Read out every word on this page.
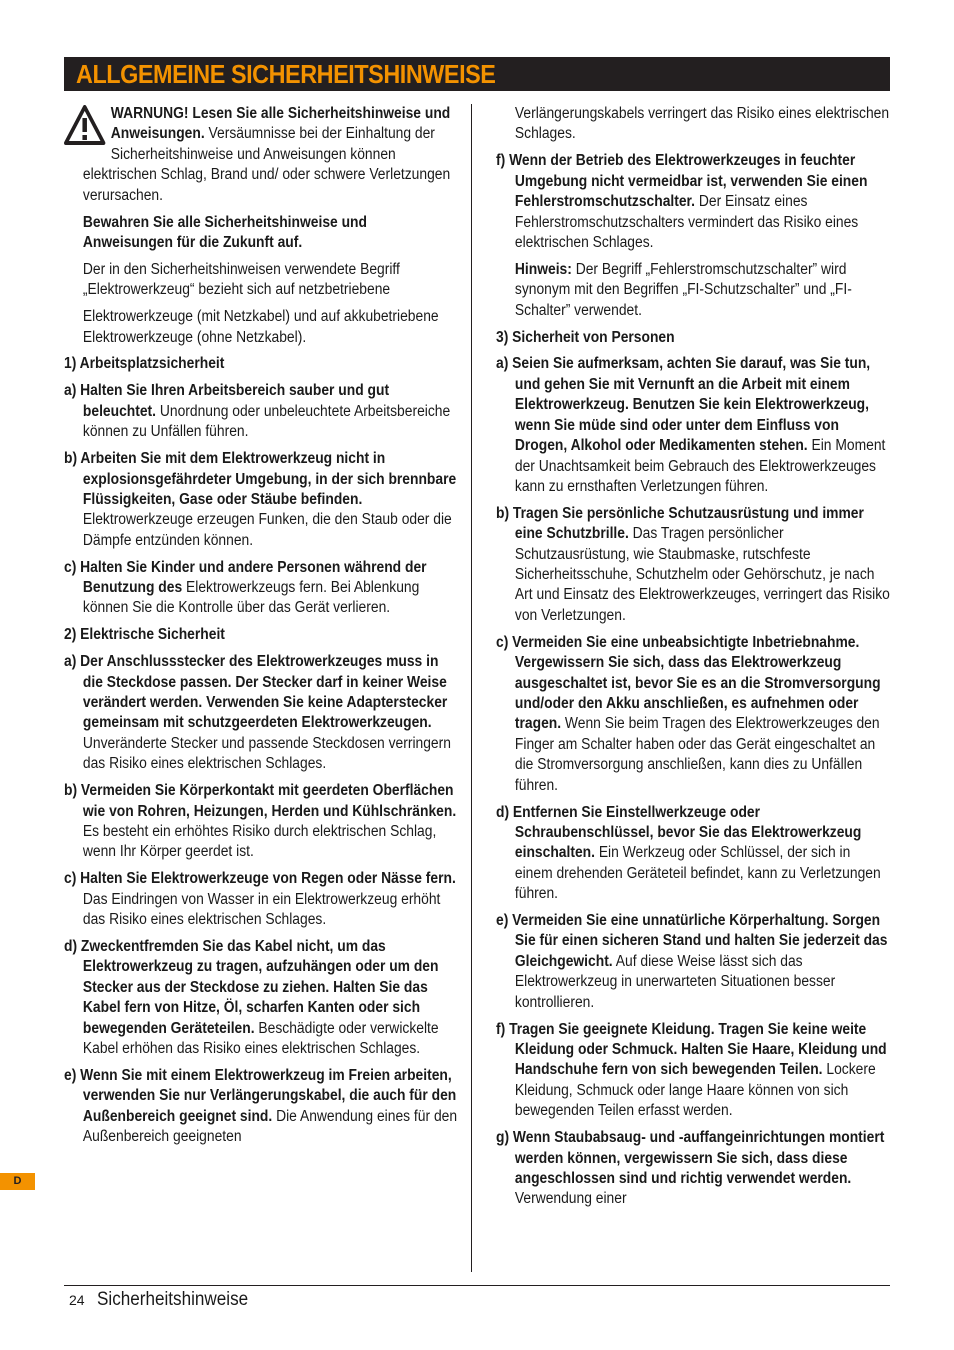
ALLGEMEINE SICHERHEITSHINWEISE

WARNUNG! Lesen Sie alle Sicherheitshinweise und Anweisungen. Versäumnisse bei der Einhaltung der Sicherheitshinweise und Anweisungen können elektrischen Schlag, Brand und/ oder schwere Verletzungen verursachen.

Bewahren Sie alle Sicherheitshinweise und Anweisungen für die Zukunft auf.

Der in den Sicherheitshinweisen verwendete Begriff „Elektrowerkzeug“ bezieht sich auf netzbetriebene

Elektrowerkzeuge (mit Netzkabel) und auf akkubetriebene Elektrowerkzeuge (ohne Netzkabel).

1) Arbeitsplatzsicherheit

a) Halten Sie Ihren Arbeitsbereich sauber und gut beleuchtet. Unordnung oder unbeleuchtete Arbeitsbereiche können zu Unfällen führen.

b) Arbeiten Sie mit dem Elektrowerkzeug nicht in explosionsgefährdeter Umgebung, in der sich brennbare Flüssigkeiten, Gase oder Stäube befinden. Elektrowerkzeuge erzeugen Funken, die den Staub oder die Dämpfe entzünden können.

c) Halten Sie Kinder und andere Personen während der Benutzung des Elektrowerkzeugs fern. Bei Ablenkung können Sie die Kontrolle über das Gerät verlieren.

2) Elektrische Sicherheit

a) Der Anschlussstecker des Elektrowerkzeuges muss in die Steckdose passen. Der Stecker darf in keiner Weise verändert werden. Verwenden Sie keine Adapterstecker gemeinsam mit schutzgeerdeten Elektrowerkzeugen. Unveränderte Stecker und passende Steckdosen verringern das Risiko eines elektrischen Schlages.

b) Vermeiden Sie Körperkontakt mit geerdeten Oberflächen wie von Rohren, Heizungen, Herden und Kühlschränken. Es besteht ein erhöhtes Risiko durch elektrischen Schlag, wenn Ihr Körper geerdet ist.

c) Halten Sie Elektrowerkzeuge von Regen oder Nässe fern. Das Eindringen von Wasser in ein Elektrowerkzeug erhöht das Risiko eines elektrischen Schlages.

d) Zweckentfremden Sie das Kabel nicht, um das Elektrowerkzeug zu tragen, aufzuhängen oder um den Stecker aus der Steckdose zu ziehen. Halten Sie das Kabel fern von Hitze, Öl, scharfen Kanten oder sich bewegenden Geräteteilen. Beschädigte oder verwickelte Kabel erhöhen das Risiko eines elektrischen Schlages.

e) Wenn Sie mit einem Elektrowerkzeug im Freien arbeiten, verwenden Sie nur Verlängerungskabel, die auch für den Außenbereich geeignet sind. Die Anwendung eines für den Außenbereich geeigneten

Verlängerungskabels verringert das Risiko eines elektrischen Schlages.

f) Wenn der Betrieb des Elektrowerkzeuges in feuchter Umgebung nicht vermeidbar ist, verwenden Sie einen Fehlerstromschutzschalter. Der Einsatz eines Fehlerstromschutzschalters vermindert das Risiko eines elektrischen Schlages.

Hinweis: Der Begriff „Fehlerstromschutzschalter” wird synonym mit den Begriffen „FI-Schutzschalter” und „FI-Schalter” verwendet.

3) Sicherheit von Personen

a) Seien Sie aufmerksam, achten Sie darauf, was Sie tun, und gehen Sie mit Vernunft an die Arbeit mit einem Elektrowerkzeug. Benutzen Sie kein Elektrowerkzeug, wenn Sie müde sind oder unter dem Einfluss von Drogen, Alkohol oder Medikamenten stehen. Ein Moment der Unachtsamkeit beim Gebrauch des Elektrowerkzeuges kann zu ernsthaften Verletzungen führen.

b) Tragen Sie persönliche Schutzausrüstung und immer eine Schutzbrille. Das Tragen persönlicher Schutzausrüstung, wie Staubmaske, rutschfeste Sicherheitsschuhe, Schutzhelm oder Gehörschutz, je nach Art und Einsatz des Elektrowerkzeuges, verringert das Risiko von Verletzungen.

c) Vermeiden Sie eine unbeabsichtigte Inbetriebnahme. Vergewissern Sie sich, dass das Elektrowerkzeug ausgeschaltet ist, bevor Sie es an die Stromversorgung und/oder den Akku anschließen, es aufnehmen oder tragen. Wenn Sie beim Tragen des Elektrowerkzeuges den Finger am Schalter haben oder das Gerät eingeschaltet an die Stromversorgung anschließen, kann dies zu Unfällen führen.

d) Entfernen Sie Einstellwerkzeuge oder Schraubenschlüssel, bevor Sie das Elektrowerkzeug einschalten. Ein Werkzeug oder Schlüssel, der sich in einem drehenden Geräteteil befindet, kann zu Verletzungen führen.

e) Vermeiden Sie eine unnatürliche Körperhaltung. Sorgen Sie für einen sicheren Stand und halten Sie jederzeit das Gleichgewicht. Auf diese Weise lässt sich das Elektrowerkzeug in unerwarteten Situationen besser kontrollieren.

f) Tragen Sie geeignete Kleidung. Tragen Sie keine weite Kleidung oder Schmuck. Halten Sie Haare, Kleidung und Handschuhe fern von sich bewegenden Teilen. Lockere Kleidung, Schmuck oder lange Haare können von sich bewegenden Teilen erfasst werden.

g) Wenn Staubabsaug- und -auffangeinrichtungen montiert werden können, vergewissern Sie sich, dass diese angeschlossen sind und richtig verwendet werden. Verwendung einer

D
24 Sicherheitshinweise
